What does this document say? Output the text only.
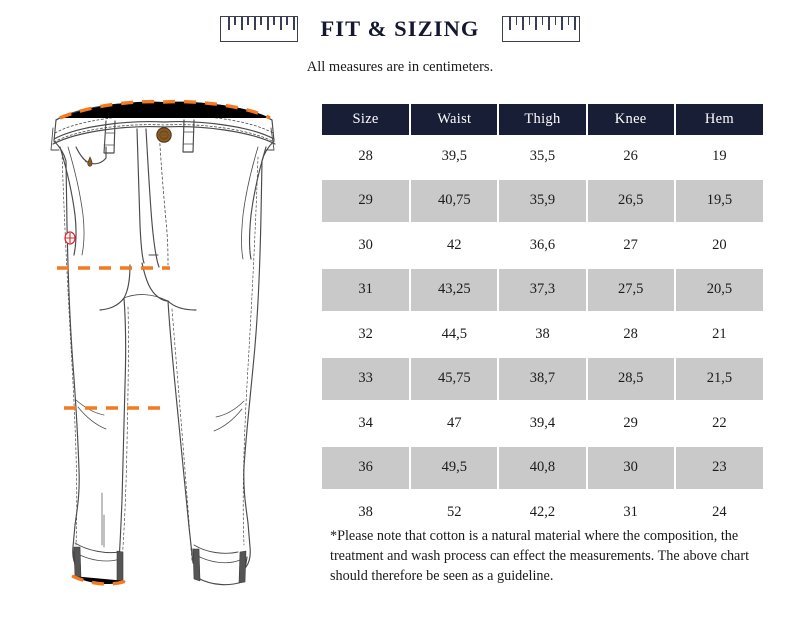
FIT & SIZING
All measures are in centimeters.
Size	Waist	Thigh	Knee	Hem
28	39,5	35,5	26	19
29	40,75	35,9	26,5	19,5
30	42	36,6	27	20
31	43,25	37,3	27,5	20,5
32	44,5	38	28	21
33	45,75	38,7	28,5	21,5
34	47	39,4	29	22
36	49,5	40,8	30	23
38	52	42,2	31	24
*Please note that cotton is a natural material where the composition, the treatment and wash process can effect the measurements. The above chart should therefore be seen as a guideline.
